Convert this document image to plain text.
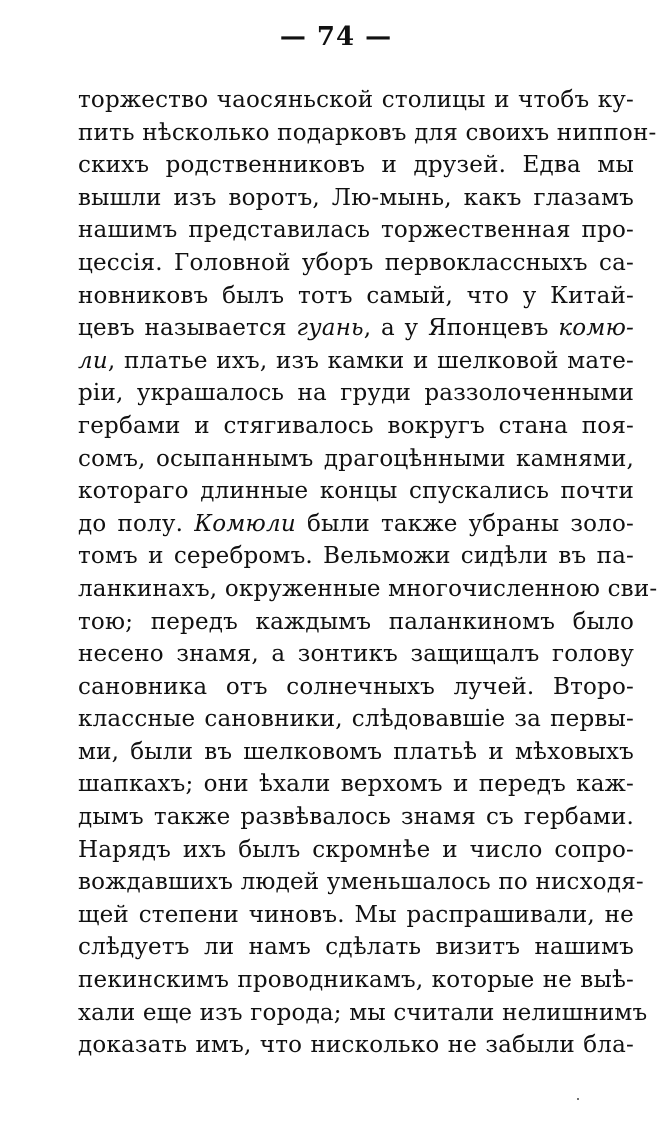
— 74 —
торжество чаосяньской столицы и чтобъ ку-
пить нѣсколько подарковъ для своихъ ниппон-
скихъ родственниковъ и друзей. Едва мы
вышли изъ воротъ, Лю-мынь, какъ глазамъ
нашимъ представилась торжественная про-
цессія. Головной уборъ первоклассныхъ са-
новниковъ былъ тотъ самый, что у Китай-
цевъ называется гуань, а у Японцевъ комю-
ли, платье ихъ, изъ камки и шелковой мате-
ріи, украшалось на груди раззолоченными
гербами и стягивалось вокругъ стана поя-
сомъ, осыпаннымъ драгоцѣнными камнями,
котораго длинные концы спускались почти
до полу. Комюли были также убраны золо-
томъ и серебромъ. Вельможи сидѣли въ па-
ланкинахъ, окруженные многочисленною сви-
тою; передъ каждымъ паланкиномъ было
несено знамя, а зонтикъ защищалъ голову
сановника отъ солнечныхъ лучей. Второ-
классные сановники, слѣдовавшіе за первы-
ми, были въ шелковомъ платьѣ и мѣховыхъ
шапкахъ; они ѣхали верхомъ и передъ каж-
дымъ также развѣвалось знамя съ гербами.
Нарядъ ихъ былъ скромнѣе и число сопро-
вождавшихъ людей уменьшалось по нисходя-
щей степени чиновъ. Мы распрашивали, не
слѣдуетъ ли намъ сдѣлать визитъ нашимъ
пекинскимъ проводникамъ, которые не выѣ-
хали еще изъ города; мы считали нелишнимъ
доказать имъ, что нисколько не забыли бла-
